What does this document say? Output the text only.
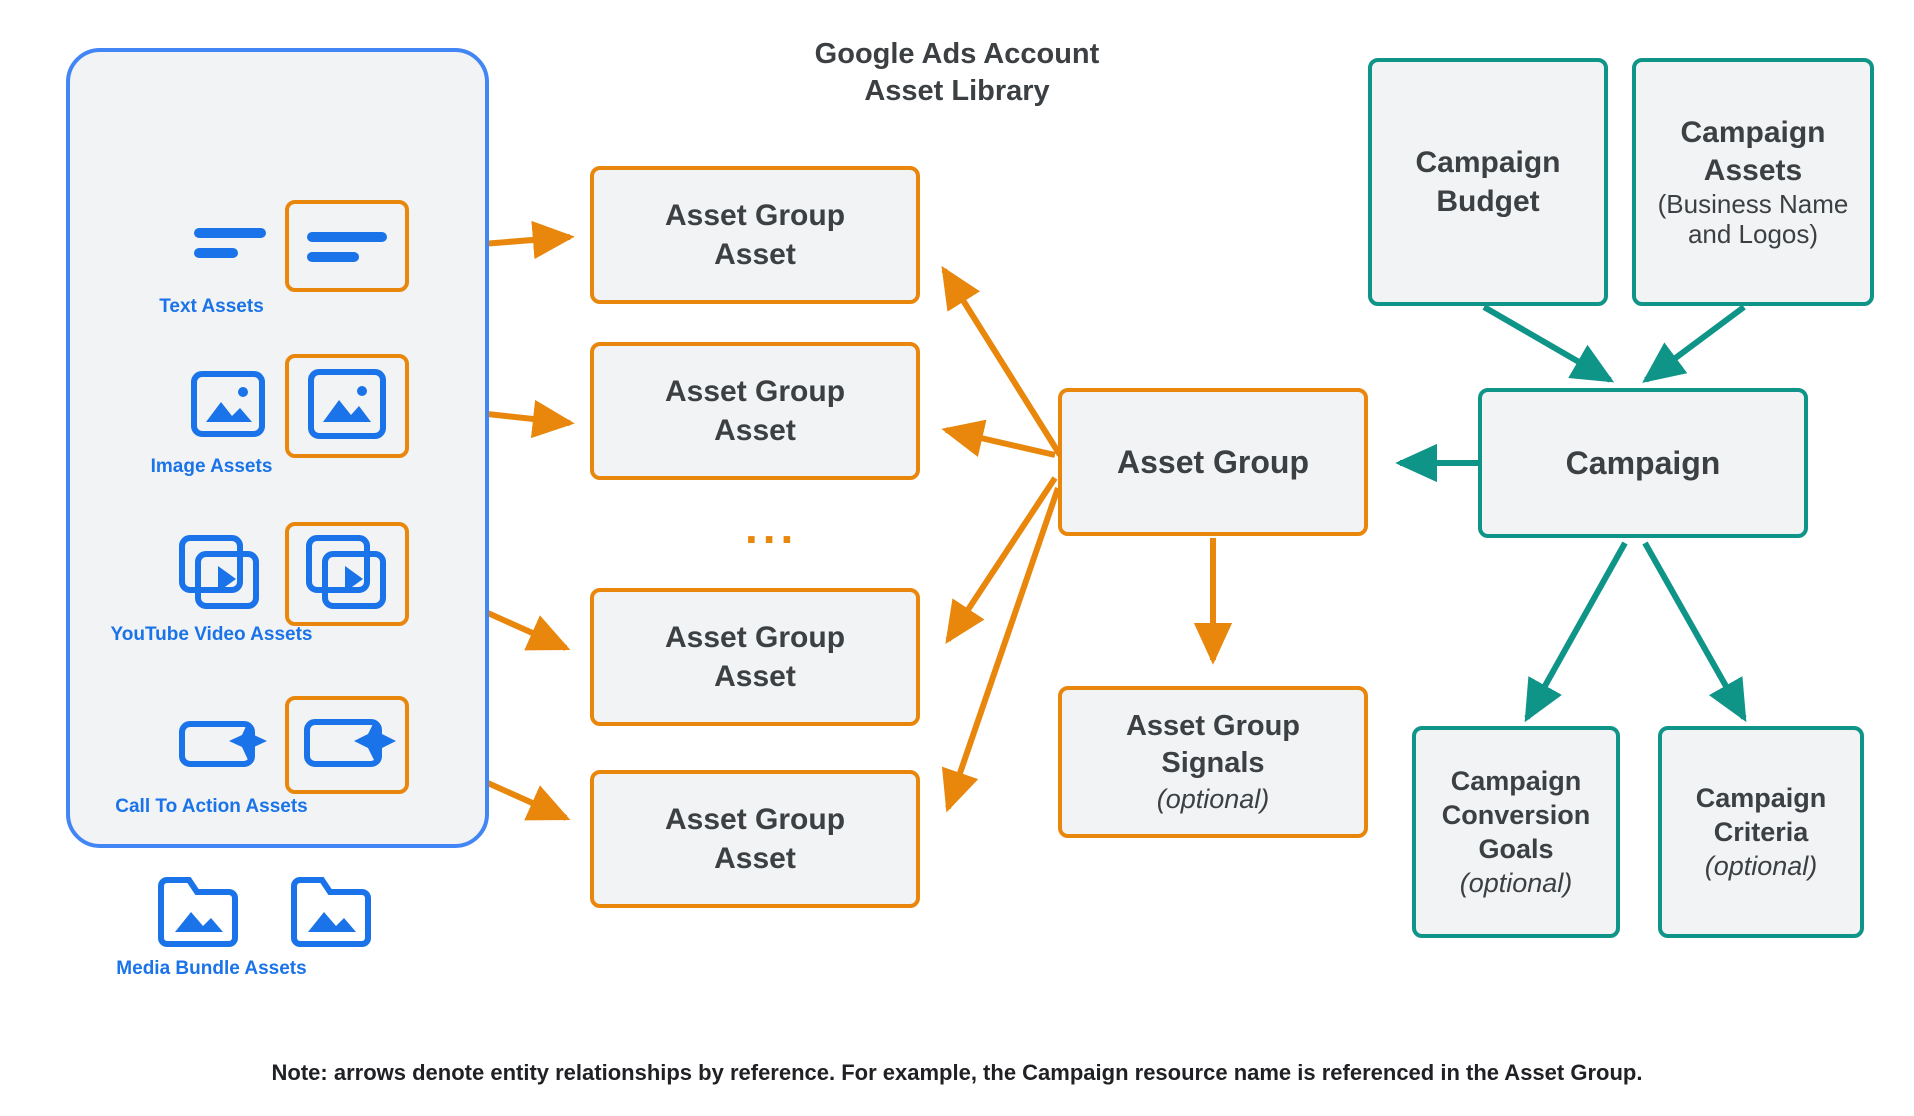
Google Ads Account
Asset Library
Text Assets
Image Assets
YouTube Video Assets
Call To Action Assets
Media Bundle Assets
Asset Group
Asset
Asset Group
Asset
...
Asset Group
Asset
Asset Group
Asset
Asset Group
Asset Group
Signals
(optional)
Campaign
Budget
Campaign
Assets
(Business Name and Logos)
Campaign
Campaign
Conversion
Goals
(optional)
Campaign
Criteria
(optional)
Note: arrows denote entity relationships by reference. For example, the Campaign resource name is referenced in the Asset Group.
